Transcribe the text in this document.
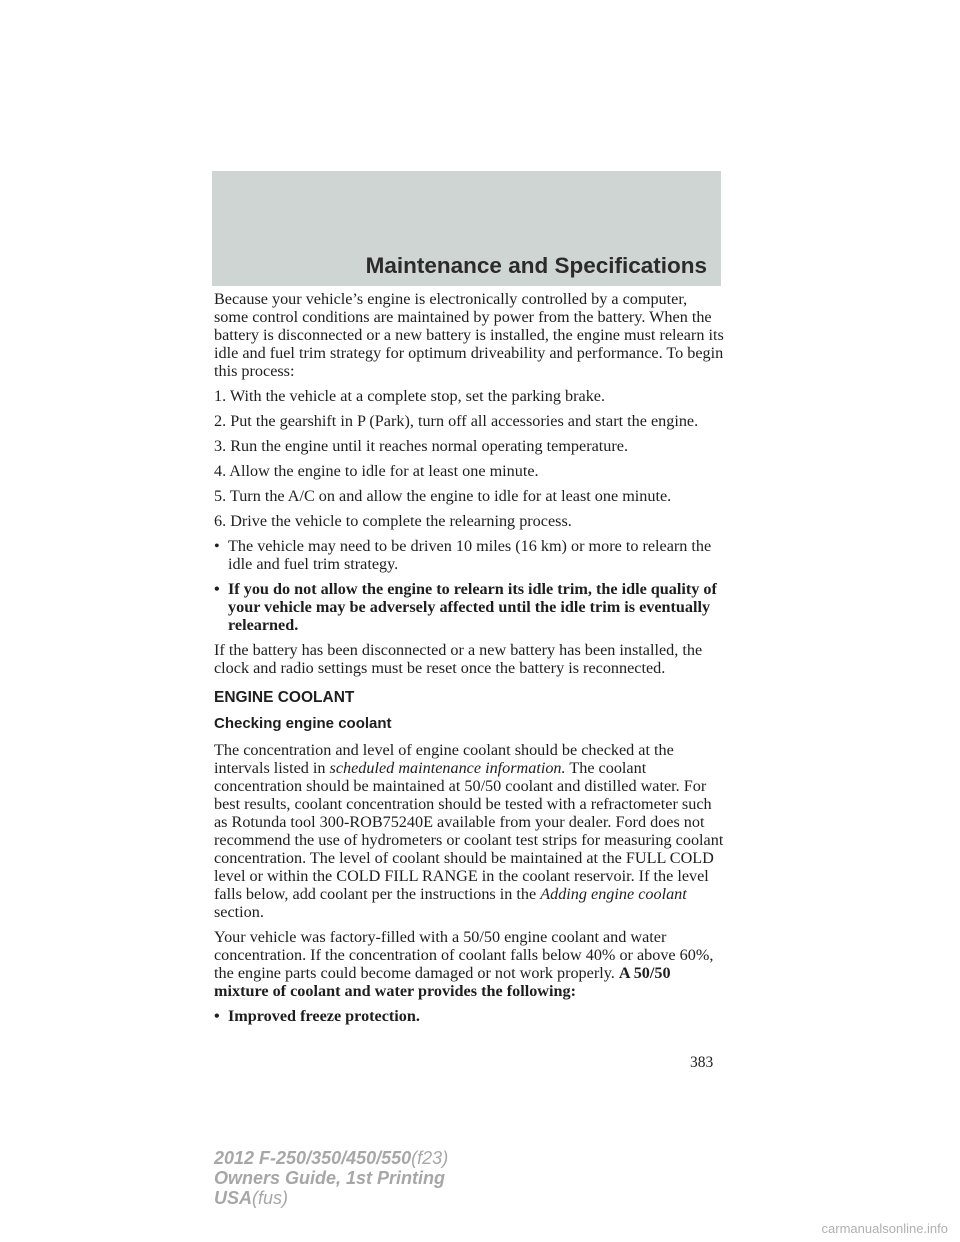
Maintenance and Specifications

Because your vehicle’s engine is electronically controlled by a computer, some control conditions are maintained by power from the battery. When the battery is disconnected or a new battery is installed, the engine must relearn its idle and fuel trim strategy for optimum driveability and performance. To begin this process:

1. With the vehicle at a complete stop, set the parking brake.

2. Put the gearshift in P (Park), turn off all accessories and start the engine.

3. Run the engine until it reaches normal operating temperature.

4. Allow the engine to idle for at least one minute.

5. Turn the A/C on and allow the engine to idle for at least one minute.

6. Drive the vehicle to complete the relearning process.

• The vehicle may need to be driven 10 miles (16 km) or more to relearn the idle and fuel trim strategy.
• If you do not allow the engine to relearn its idle trim, the idle quality of your vehicle may be adversely affected until the idle trim is eventually relearned.

If the battery has been disconnected or a new battery has been installed, the clock and radio settings must be reset once the battery is reconnected.

ENGINE COOLANT
Checking engine coolant

The concentration and level of engine coolant should be checked at the intervals listed in scheduled maintenance information. The coolant concentration should be maintained at 50/50 coolant and distilled water. For best results, coolant concentration should be tested with a refractometer such as Rotunda tool 300-ROB75240E available from your dealer. Ford does not recommend the use of hydrometers or coolant test strips for measuring coolant concentration. The level of coolant should be maintained at the FULL COLD level or within the COLD FILL RANGE in the coolant reservoir. If the level falls below, add coolant per the instructions in the Adding engine coolant section.

Your vehicle was factory-filled with a 50/50 engine coolant and water concentration. If the concentration of coolant falls below 40% or above 60%, the engine parts could become damaged or not work properly. A 50/50 mixture of coolant and water provides the following:

• Improved freeze protection.
383
2012 F-250/350/450/550(f23)
Owners Guide, 1st Printing
USA(fus)
carmanualsonline.info
